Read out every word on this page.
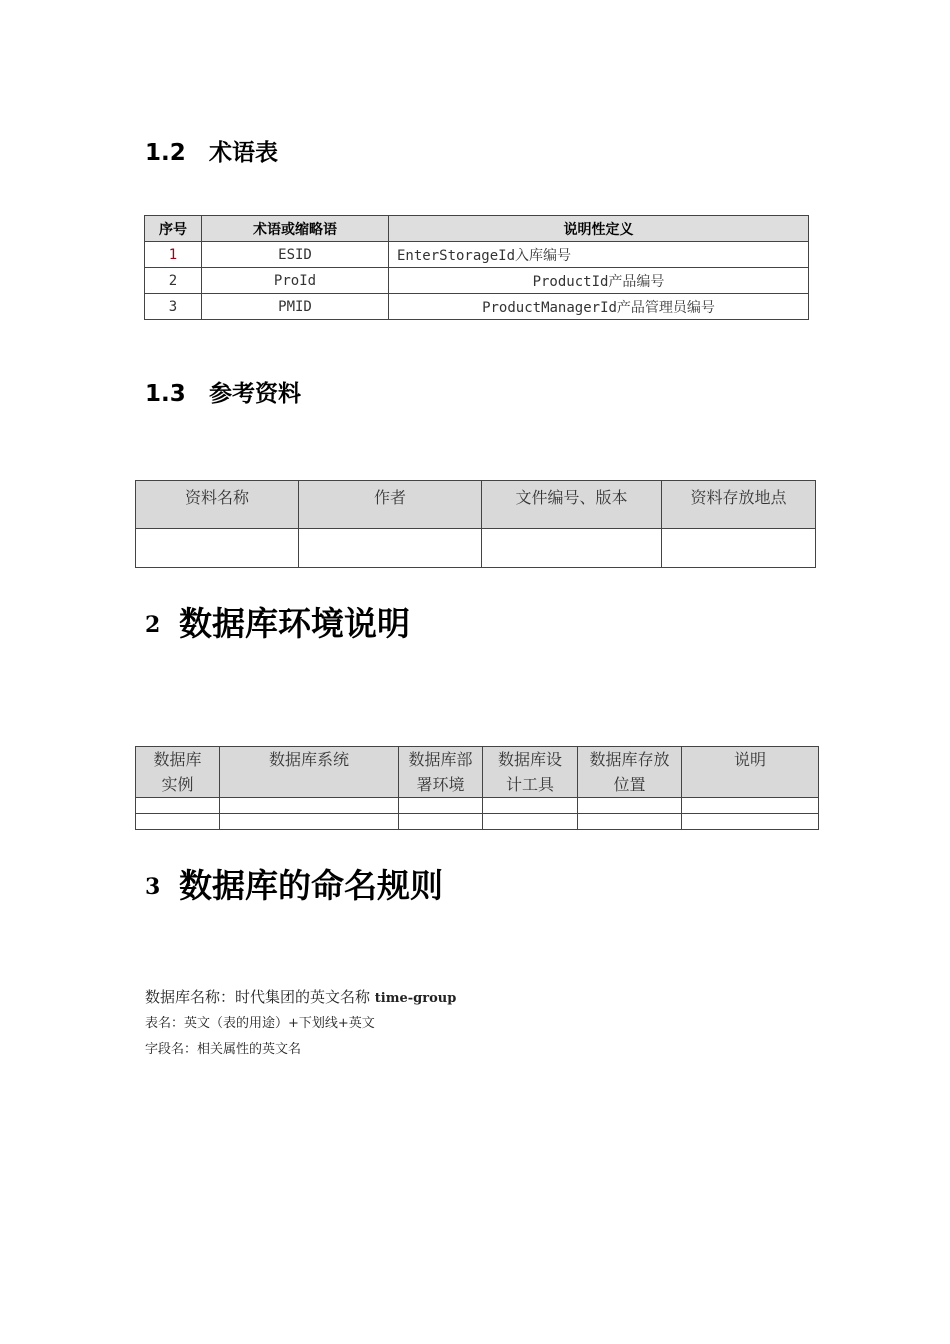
1.2 术语表
序号	术语或缩略语	说明性定义
1	ESID	EnterStorageId入库编号
2	ProId	ProductId产品编号
3	PMID	ProductManagerId产品管理员编号
1.3 参考资料
资料名称	作者	文件编号、版本	资料存放地点

2 数据库环境说明
数据库实例	数据库系统	数据库部署环境	数据库设计工具	数据库存放位置	说明

3 数据库的命名规则
数据库名称：时代集团的英文名称 time-group
表名：英文（表的用途）+下划线+英文
字段名：相关属性的英文名
